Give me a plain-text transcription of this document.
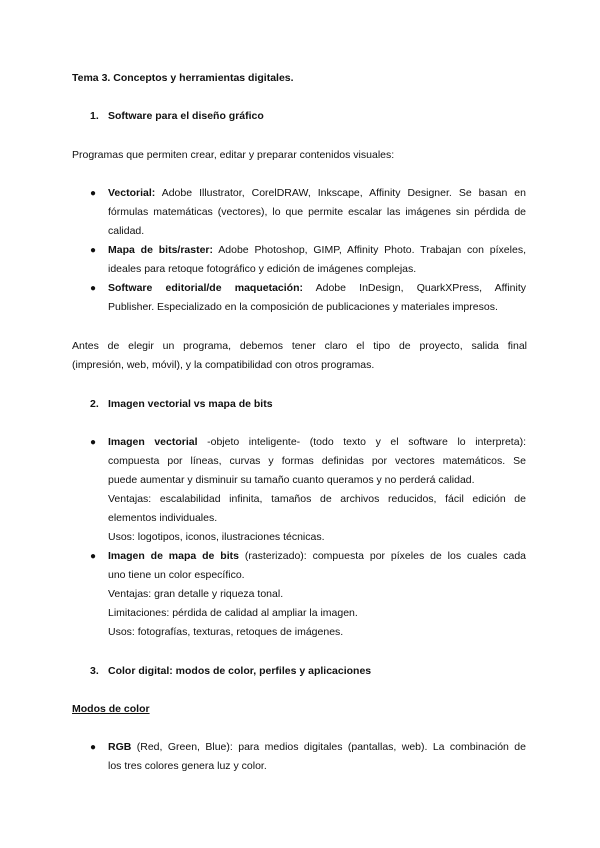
Tema 3. Conceptos y herramientas digitales.
1. Software para el diseño gráfico
Programas que permiten crear, editar y preparar contenidos visuales:
● Vectorial: Adobe Illustrator, CorelDRAW, Inkscape, Affinity Designer. Se basan en
fórmulas matemáticas (vectores), lo que permite escalar las imágenes sin pérdida de
calidad.
● Mapa de bits/raster: Adobe Photoshop, GIMP, Affinity Photo. Trabajan con píxeles,
ideales para retoque fotográfico y edición de imágenes complejas.
● Software editorial/de maquetación: Adobe InDesign, QuarkXPress, Affinity
Publisher. Especializado en la composición de publicaciones y materiales impresos.
Antes de elegir un programa, debemos tener claro el tipo de proyecto, salida final
(impresión, web, móvil), y la compatibilidad con otros programas.
2. Imagen vectorial vs mapa de bits
● Imagen vectorial -objeto inteligente- (todo texto y el software lo interpreta):
compuesta por líneas, curvas y formas definidas por vectores matemáticos. Se
puede aumentar y disminuir su tamaño cuanto queramos y no perderá calidad.
Ventajas: escalabilidad infinita, tamaños de archivos reducidos, fácil edición de
elementos individuales.
Usos: logotipos, iconos, ilustraciones técnicas.
● Imagen de mapa de bits (rasterizado): compuesta por píxeles de los cuales cada
uno tiene un color específico.
Ventajas: gran detalle y riqueza tonal.
Limitaciones: pérdida de calidad al ampliar la imagen.
Usos: fotografías, texturas, retoques de imágenes.
3. Color digital: modos de color, perfiles y aplicaciones
Modos de color
● RGB (Red, Green, Blue): para medios digitales (pantallas, web). La combinación de
los tres colores genera luz y color.
